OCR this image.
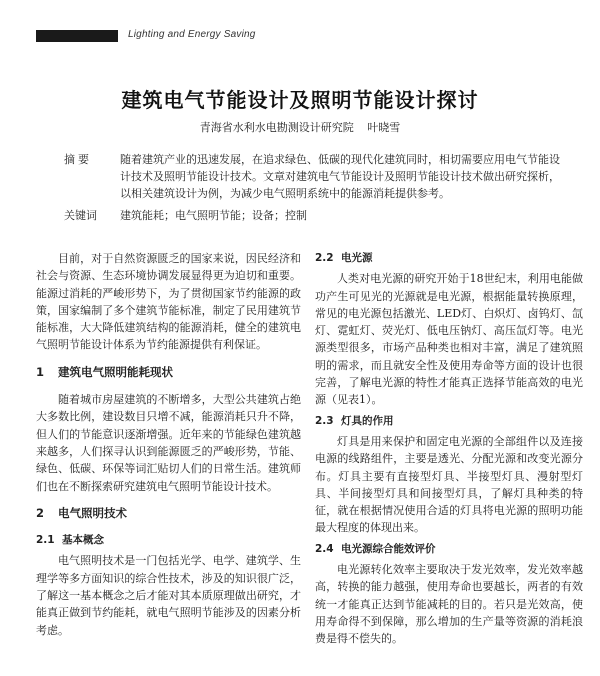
Lighting and Energy Saving
建筑电气节能设计及照明节能设计探讨
青海省水利水电勘测设计研究院 叶晓雪
摘要	随着建筑产业的迅速发展，在追求绿色、低碳的现代化建筑同时，相切需要应用电气节能设计技术及照明节能设计技术。文章对建筑电气节能设计及照明节能设计技术做出研究探析，以相关建筑设计为例，为减少电气照明系统中的能源消耗提供参考。
关键词	建筑能耗；电气照明节能；设备；控制

目前，对于自然资源匮乏的国家来说，因民经济和社会与资源、生态环境协调发展显得更为迫切和重要。能源过消耗的严峻形势下，为了贯彻国家节约能源的政策，国家编制了多个建筑节能标准，制定了民用建筑节能标准，大大降低建筑结构的能源消耗，健全的建筑电气照明节能设计体系为节约能源提供有利保证。

1 建筑电气照明能耗现状

随着城市房屋建筑的不断增多，大型公共建筑占绝大多数比例，建设数目只增不减，能源消耗只升不降，但人们的节能意识逐渐增强。近年来的节能绿色建筑越来越多，人们探寻认识到能源匮乏的严峻形势，节能、绿色、低碳、环保等词汇贴切人们的日常生活。建筑师们也在不断探索研究建筑电气照明节能设计技术。

2 电气照明技术
2.1 基本概念

电气照明技术是一门包括光学、电学、建筑学、生理学等多方面知识的综合性技术，涉及的知识很广泛，了解这一基本概念之后才能对其本质原理做出研究，才能真正做到节约能耗，就电气照明节能涉及的因素分析考虑。

2.2 电光源

人类对电光源的研究开始于18世纪末，利用电能做功产生可见光的光源就是电光源，根据能量转换原理，常见的电光源包括激光、LED灯、白炽灯、卤钨灯、氙灯、霓虹灯、荧光灯、低电压钠灯、高压氙灯等。电光源类型很多，市场产品种类也相对丰富，满足了建筑照明的需求，而且就安全性及使用寿命等方面的设计也很完善，了解电光源的特性才能真正选择节能高效的电光源（见表1）。

2.3 灯具的作用

灯具是用来保护和固定电光源的全部组件以及连接电源的线路组件，主要是透光、分配光源和改变光源分布。灯具主要有直接型灯具、半接型灯具、漫射型灯具、半间接型灯具和间接型灯具，了解灯具种类的特征，就在根据情况使用合适的灯具将电光源的照明功能最大程度的体现出来。

2.4 电光源综合能效评价

电光源转化效率主要取决于发光效率，发光效率越高，转换的能力越强，使用寿命也要越长，两者的有效统一才能真正达到节能减耗的目的。若只是光效高，使用寿命得不到保障，那么增加的生产量等资源的消耗浪费是得不偿失的。
